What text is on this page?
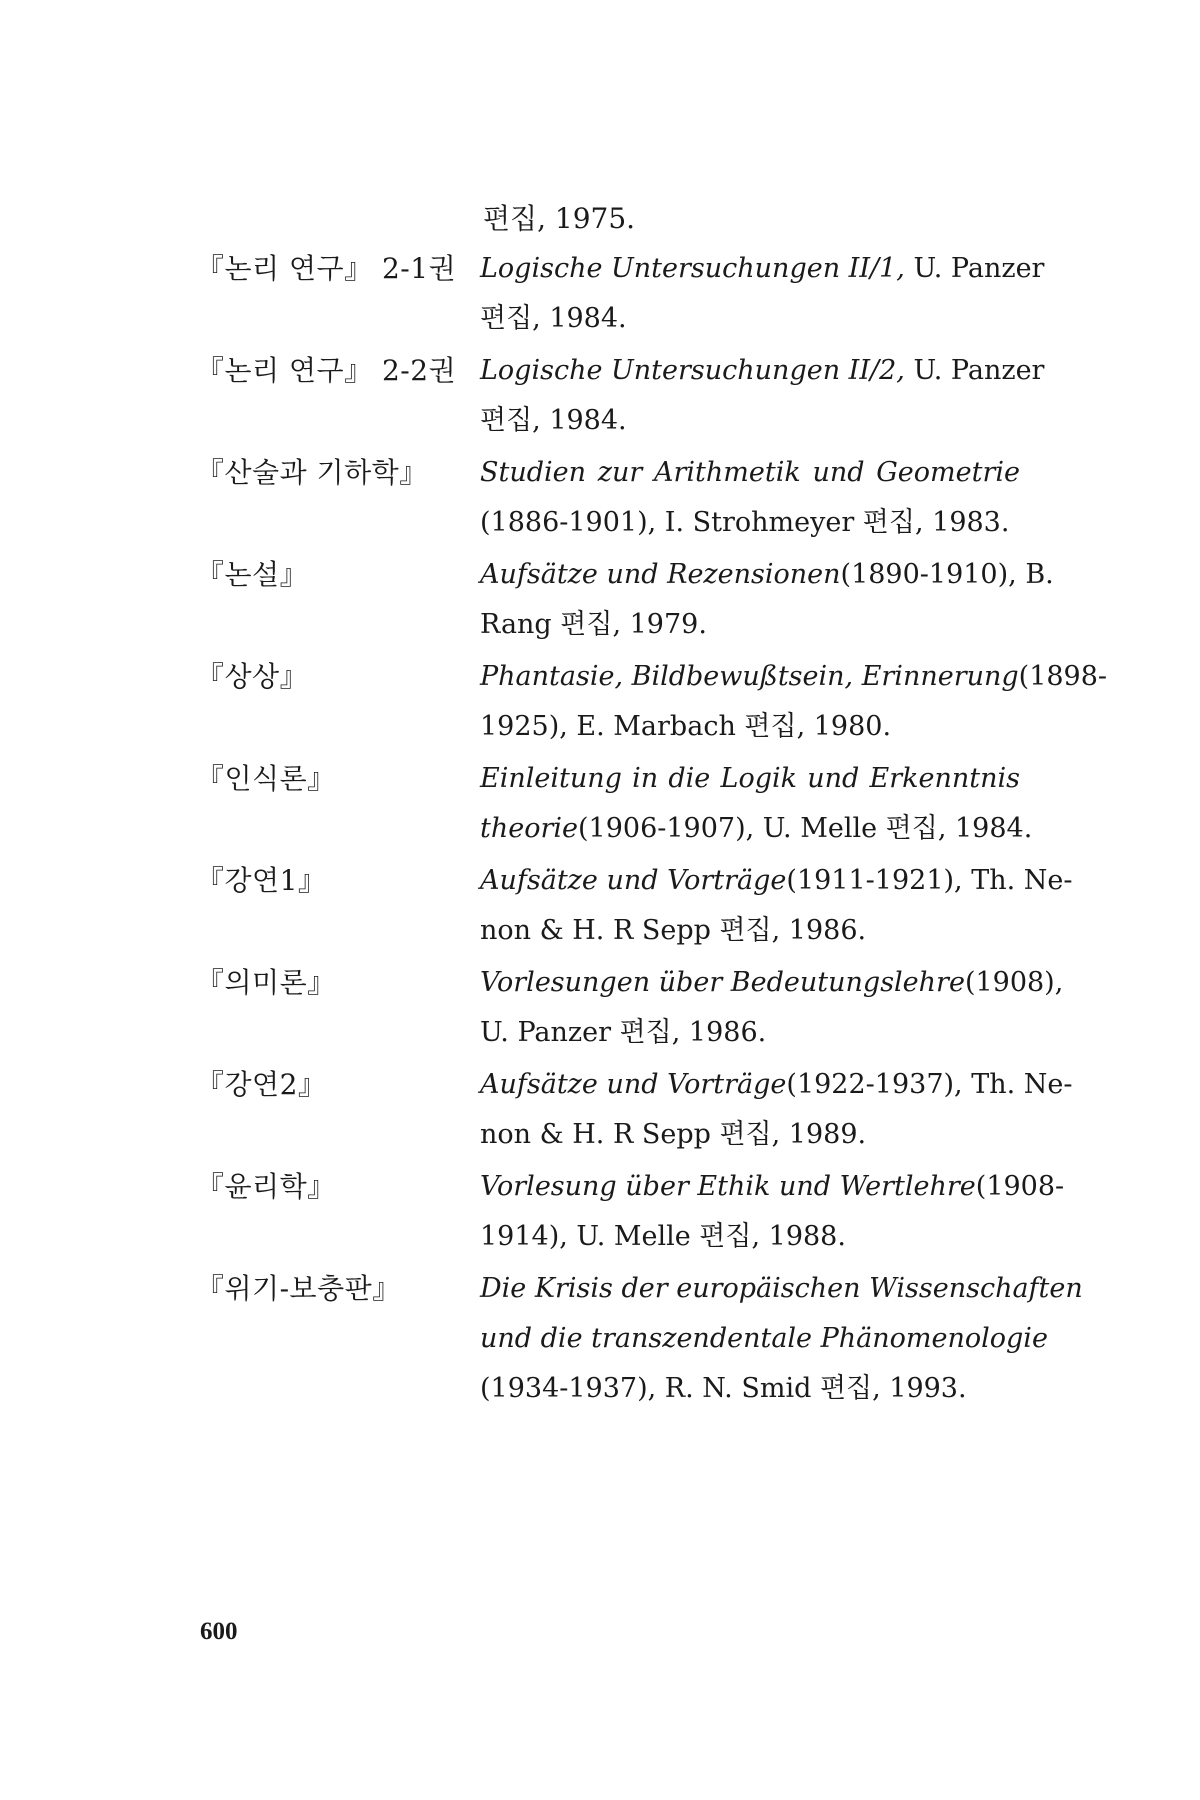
편집, 1975.
『논리 연구』 2-1권 Logische Untersuchungen II/1, U. Panzer
편집, 1984.
『논리 연구』 2-2권 Logische Untersuchungen II/2, U. Panzer
편집, 1984.
『산술과 기하학』	Studien zur Arithmetik und Geometrie
(1886-1901), I. Strohmeyer 편집, 1983.
『논설』	Aufsätze und Rezensionen(1890-1910), B.
Rang 편집, 1979.
『상상』	Phantasie, Bildbewußtsein, Erinnerung(1898-
1925), E. Marbach 편집, 1980.
『인식론』	Einleitung in die Logik und Erkenntnis
theorie(1906-1907), U. Melle 편집, 1984.
『강연1』	Aufsätze und Vorträge(1911-1921), Th. Ne-
non & H. R Sepp 편집, 1986.
『의미론』	Vorlesungen über Bedeutungslehre(1908),
U. Panzer 편집, 1986.
『강연2』	Aufsätze und Vorträge(1922-1937), Th. Ne-
non & H. R Sepp 편집, 1989.
『윤리학』	Vorlesung über Ethik und Wertlehre(1908-
1914), U. Melle 편집, 1988.
『위기-보충판』	Die Krisis der europäischen Wissenschaften
und die transzendentale Phänomenologie
(1934-1937), R. N. Smid 편집, 1993.
600
